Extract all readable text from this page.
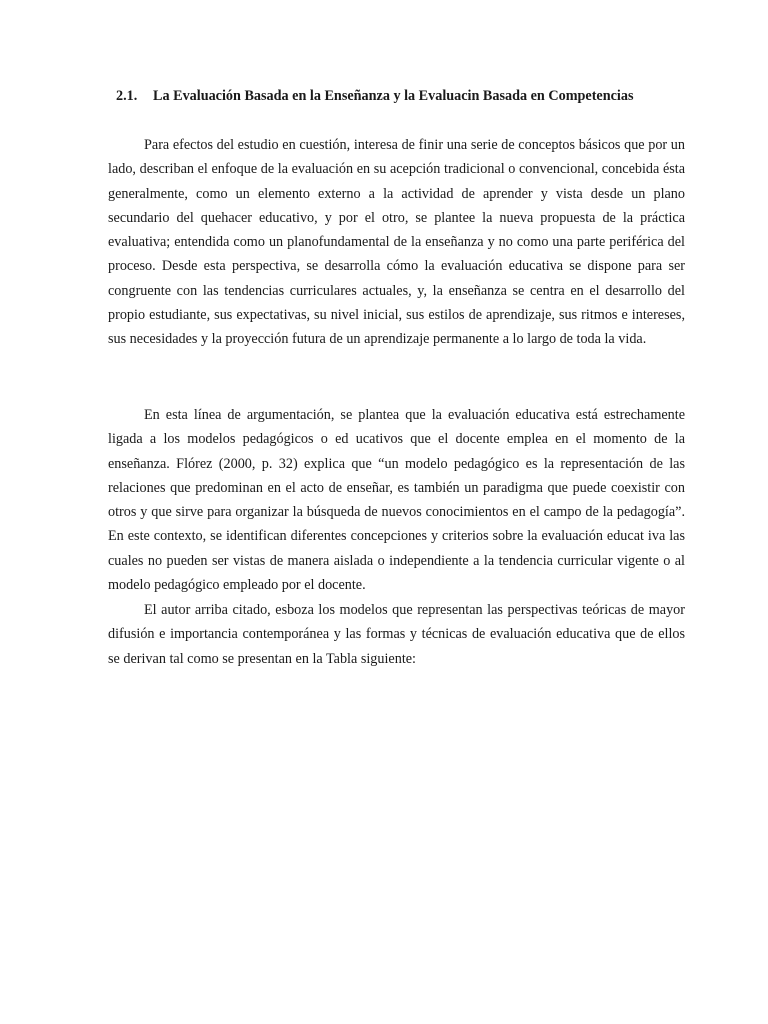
2.1. La Evaluación Basada en la Enseñanza y la Evaluacin Basada en Competencias

Para efectos del estudio en cuestión, interesa de finir una serie de conceptos básicos que por un lado, describan el enfoque de la evaluación en su acepción tradicional o convencional, concebida ésta generalmente, como un elemento externo a la actividad de aprender y vista desde un plano secundario del quehacer educativo, y por el otro, se plantee la nueva propuesta de la práctica evaluativa; entendida como un planofundamental de la enseñanza y no como una parte periférica del proceso. Desde esta perspectiva, se desarrolla cómo la evaluación educativa se dispone para ser congruente con las tendencias curriculares actuales, y, la enseñanza se centra en el desarrollo del propio estudiante, sus expectativas, su nivel inicial, sus estilos de aprendizaje, sus ritmos e intereses, sus necesidades y la proyección futura de un aprendizaje permanente a lo largo de toda la vida.

En esta línea de argumentación, se plantea que la evaluación educativa está estrechamente ligada a los modelos pedagógicos o ed ucativos que el docente emplea en el momento de la enseñanza. Flórez (2000, p. 32) explica que “un modelo pedagógico es la representación de las relaciones que predominan en el acto de enseñar, es también un paradigma que puede coexistir con otros y que sirve para organizar la búsqueda de nuevos conocimientos en el campo de la pedagogía”. En este contexto, se identifican diferentes concepciones y criterios sobre la evaluación educat iva las cuales no pueden ser vistas de manera aislada o independiente a la tendencia curricular vigente o al modelo pedagógico empleado por el docente.

El autor arriba citado, esboza los modelos que representan las perspectivas teóricas de mayor difusión e importancia contemporánea y las formas y técnicas de evaluación educativa que de ellos se derivan tal como se presentan en la Tabla siguiente:
